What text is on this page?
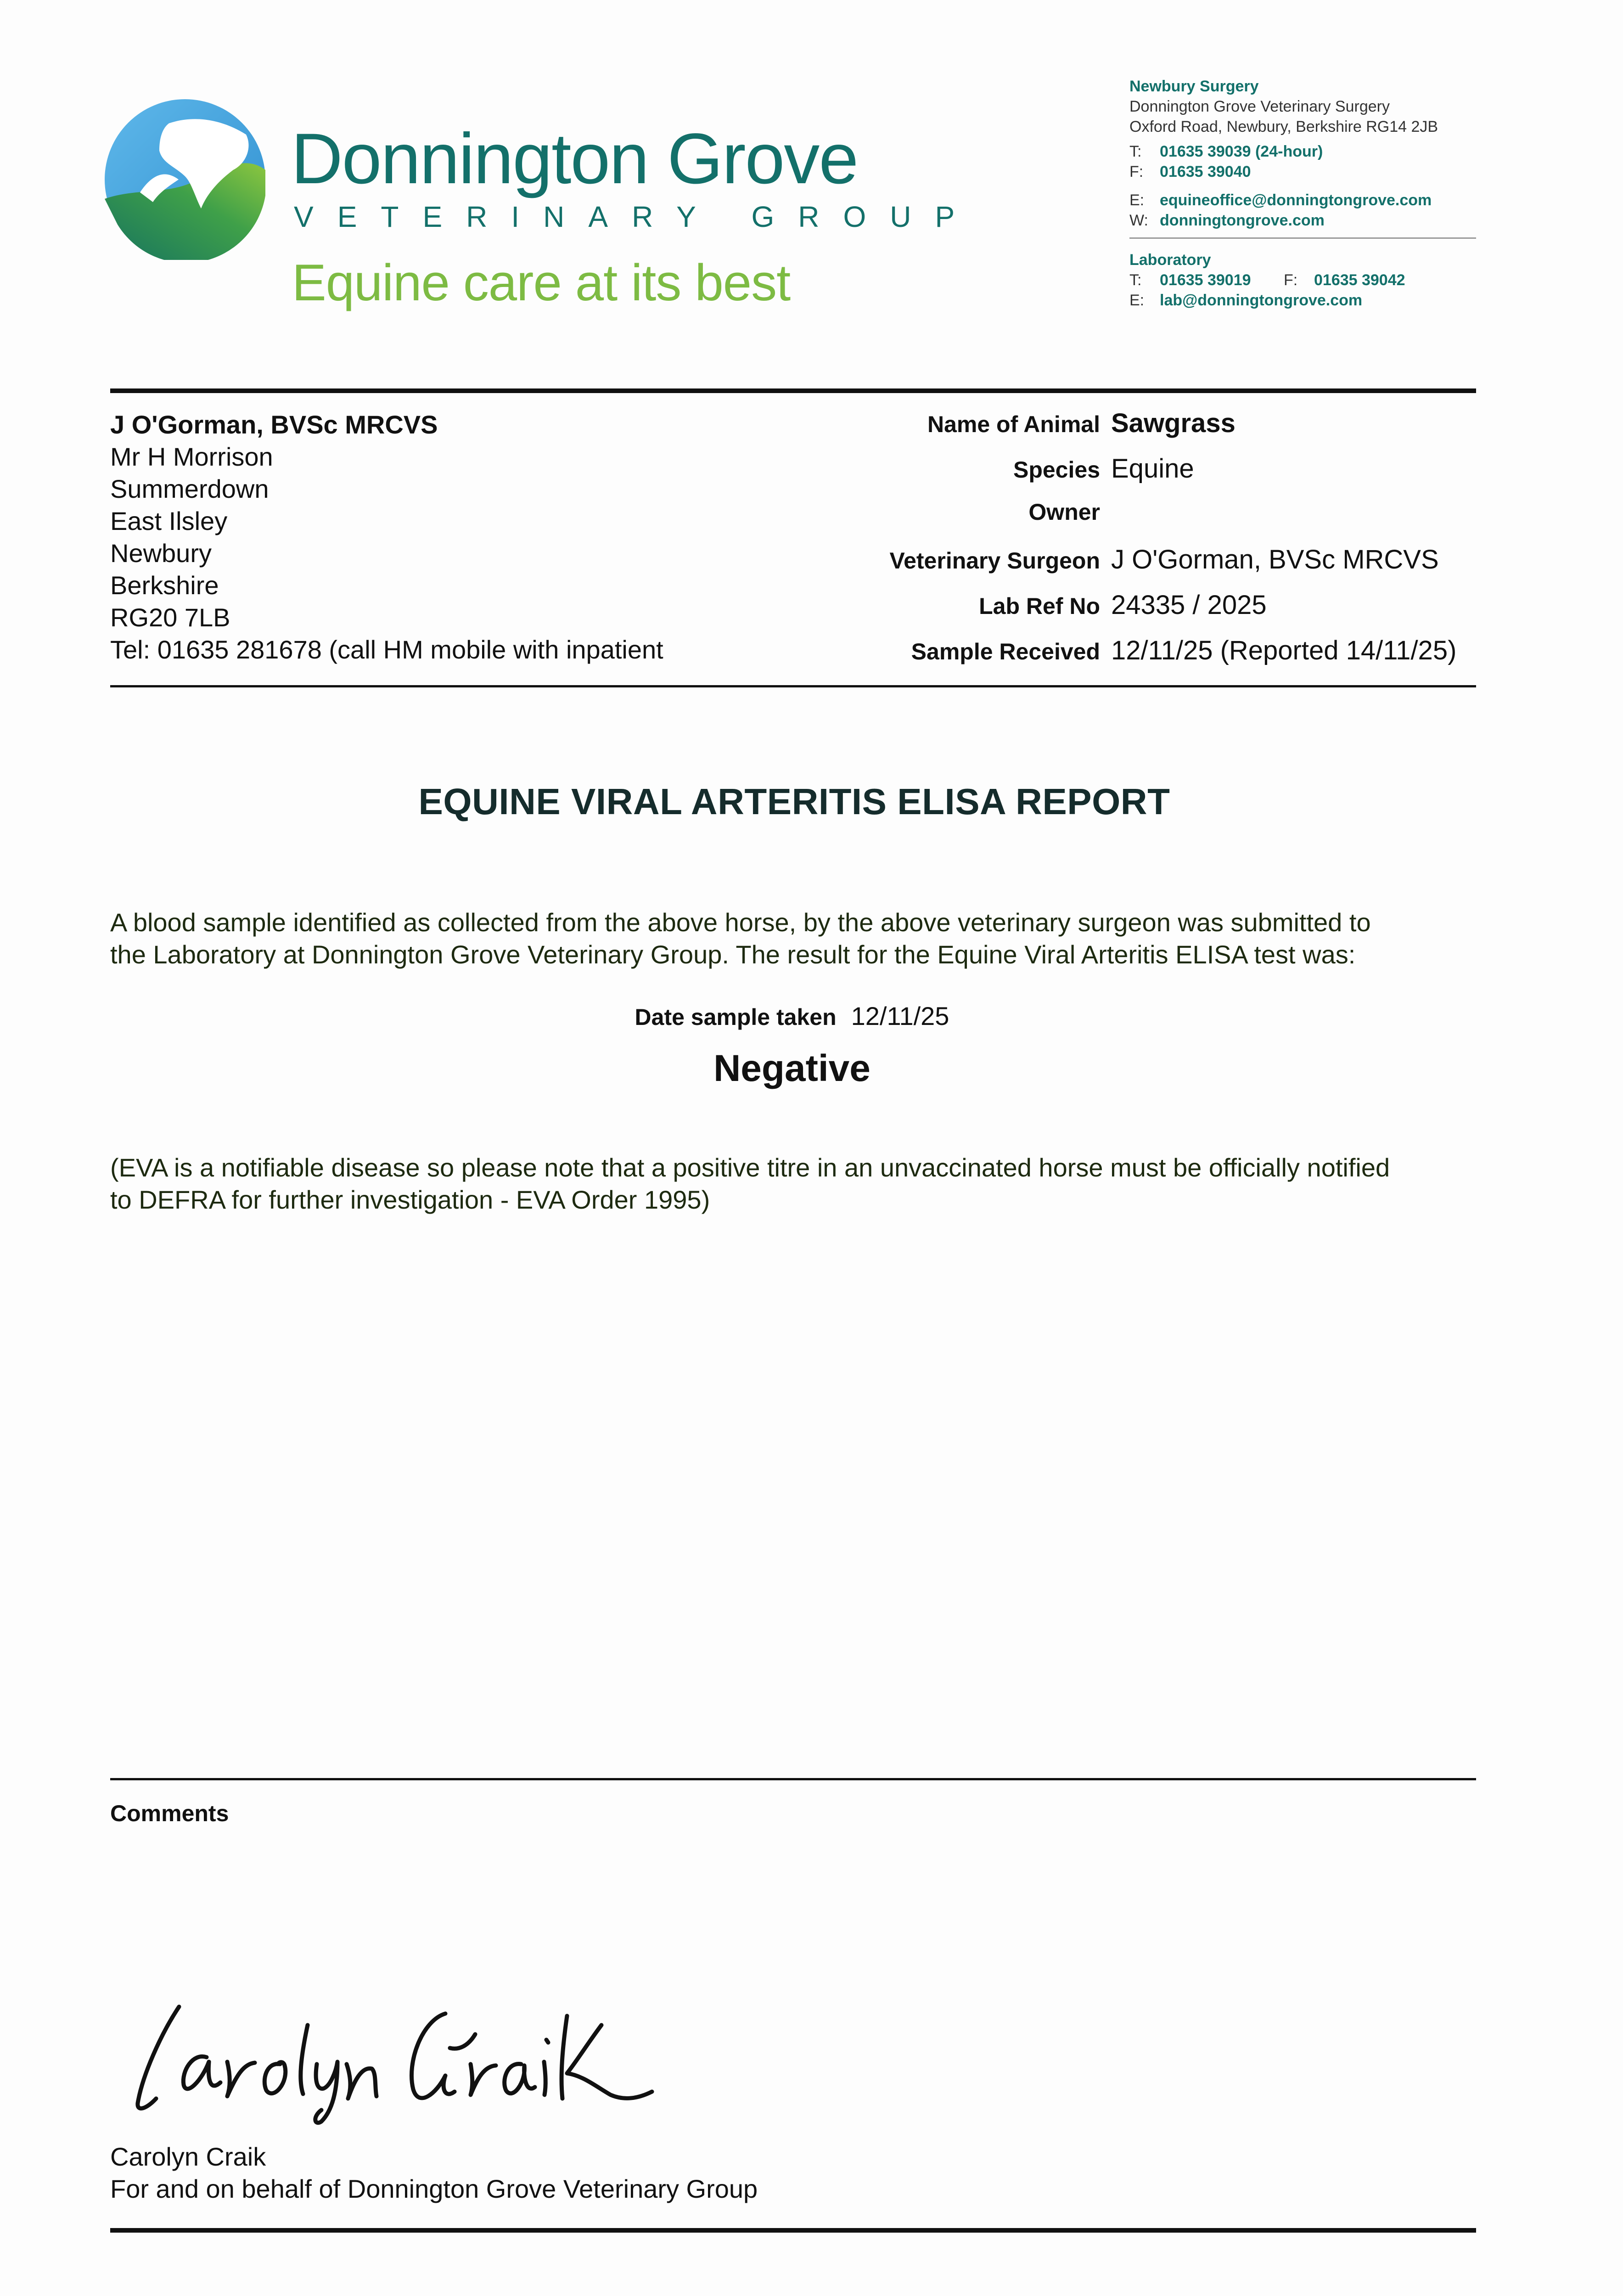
Donnington Grove
VETERINARY GROUP
Equine care at its best
Newbury Surgery
Donnington Grove Veterinary Surgery
Oxford Road, Newbury, Berkshire RG14 2JB
T: 01635 39039 (24-hour)
F: 01635 39040
E: equineoffice@donningtongrove.com
W: donningtongrove.com
Laboratory
T: 01635 39019 F: 01635 39042
E: lab@donningtongrove.com
J O'Gorman, BVSc MRCVS
Mr H Morrison
Summerdown
East Ilsley
Newbury
Berkshire
RG20 7LB
Tel: 01635 281678 (call HM mobile with inpatient
Name of Animal Sawgrass
Species Equine
Owner
Veterinary Surgeon J O'Gorman, BVSc MRCVS
Lab Ref No 24335 / 2025
Sample Received 12/11/25 (Reported 14/11/25)
EQUINE VIRAL ARTERITIS ELISA REPORT
A blood sample identified as collected from the above horse, by the above veterinary surgeon was submitted to
the Laboratory at Donnington Grove Veterinary Group. The result for the Equine Viral Arteritis ELISA test was:
Date sample taken 12/11/25
Negative
(EVA is a notifiable disease so please note that a positive titre in an unvaccinated horse must be officially notified
to DEFRA for further investigation - EVA Order 1995)
Comments
Carolyn Craik
For and on behalf of Donnington Grove Veterinary Group
